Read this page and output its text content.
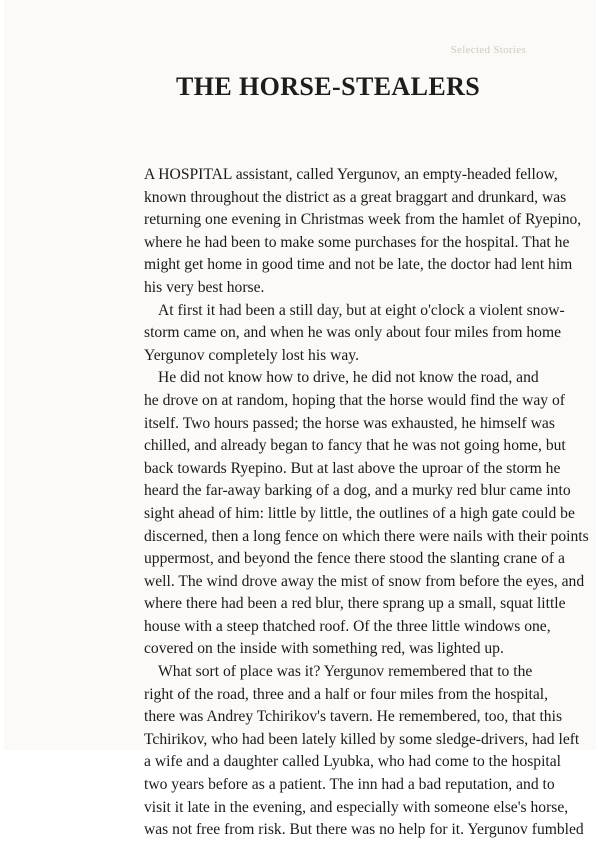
Selected Stories
THE HORSE-STEALERS
A HOSPITAL assistant, called Yergunov, an empty-headed fellow,
known throughout the district as a great braggart and drunkard, was
returning one evening in Christmas week from the hamlet of Ryepino,
where he had been to make some purchases for the hospital. That he
might get home in good time and not be late, the doctor had lent him
his very best horse.
At first it had been a still day, but at eight o'clock a violent snow-
storm came on, and when he was only about four miles from home
Yergunov completely lost his way.
He did not know how to drive, he did not know the road, and
he drove on at random, hoping that the horse would find the way of
itself. Two hours passed; the horse was exhausted, he himself was
chilled, and already began to fancy that he was not going home, but
back towards Ryepino. But at last above the uproar of the storm he
heard the far-away barking of a dog, and a murky red blur came into
sight ahead of him: little by little, the outlines of a high gate could be
discerned, then a long fence on which there were nails with their points
uppermost, and beyond the fence there stood the slanting crane of a
well. The wind drove away the mist of snow from before the eyes, and
where there had been a red blur, there sprang up a small, squat little
house with a steep thatched roof. Of the three little windows one,
covered on the inside with something red, was lighted up.
What sort of place was it? Yergunov remembered that to the
right of the road, three and a half or four miles from the hospital,
there was Andrey Tchirikov's tavern. He remembered, too, that this
Tchirikov, who had been lately killed by some sledge-drivers, had left
a wife and a daughter called Lyubka, who had come to the hospital
two years before as a patient. The inn had a bad reputation, and to
visit it late in the evening, and especially with someone else's horse,
was not free from risk. But there was no help for it. Yergunov fumbled
